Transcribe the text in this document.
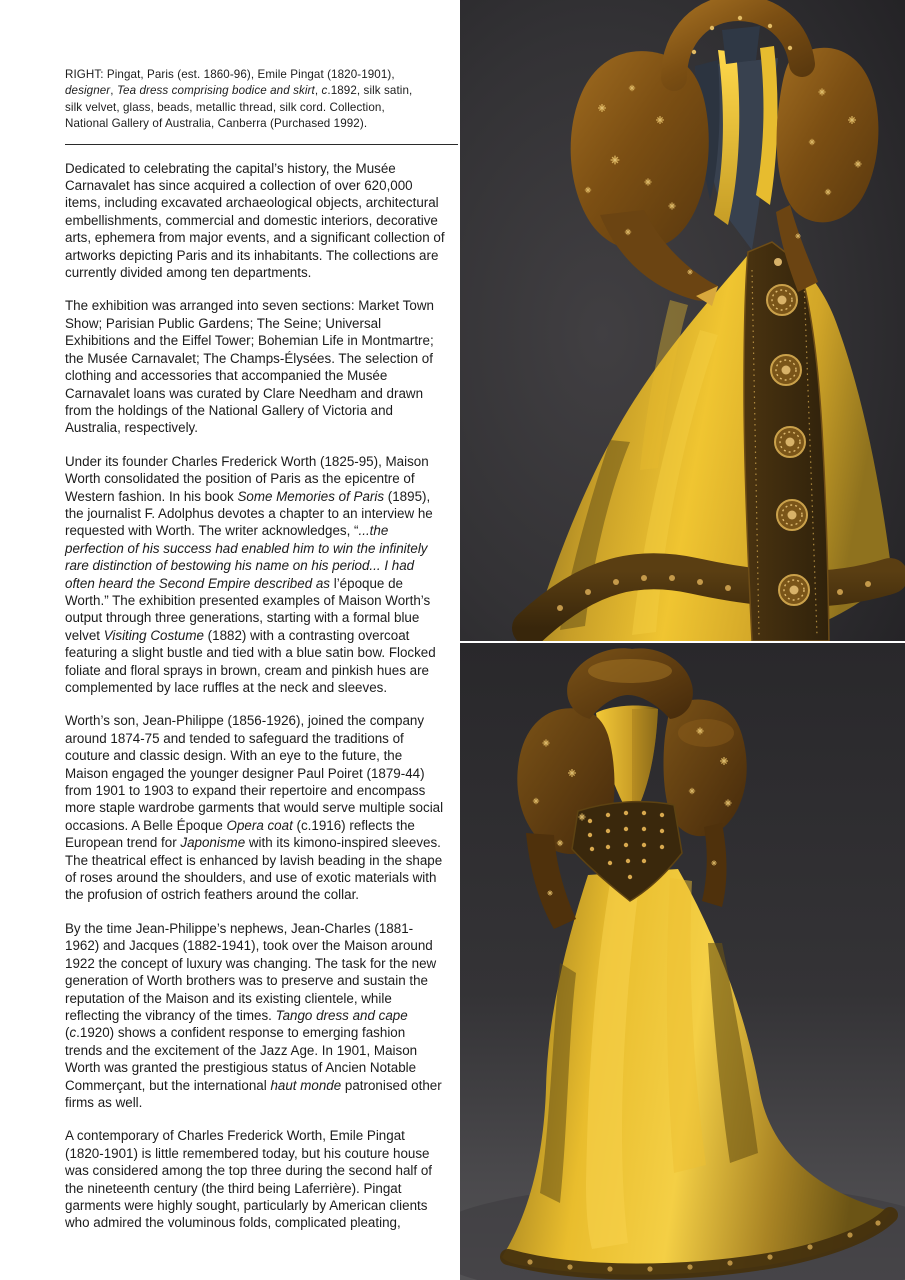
RIGHT: Pingat, Paris (est. 1860-96), Emile Pingat (1820-1901),
designer, Tea dress comprising bodice and skirt, c.1892, silk satin,
silk velvet, glass, beads, metallic thread, silk cord. Collection,
National Gallery of Australia, Canberra (Purchased 1992).

Dedicated to celebrating the capital’s history, the Musée Carnavalet has since acquired a collection of over 620,000 items, including excavated archaeological objects, architectural embellishments, commercial and domestic interiors, decorative arts, ephemera from major events, and a significant collection of artworks depicting Paris and its inhabitants. The collections are currently divided among ten departments.

The exhibition was arranged into seven sections: Market Town Show; Parisian Public Gardens; The Seine; Universal Exhibitions and the Eiffel Tower; Bohemian Life in Montmartre; the Musée Carnavalet; The Champs-Élysées. The selection of clothing and accessories that accompanied the Musée Carnavalet loans was curated by Clare Needham and drawn from the holdings of the National Gallery of Victoria and Australia, respectively.

Under its founder Charles Frederick Worth (1825-95), Maison Worth consolidated the position of Paris as the epicentre of Western fashion. In his book Some Memories of Paris (1895), the journalist F. Adolphus devotes a chapter to an interview he requested with Worth. The writer acknowledges, “...the perfection of his success had enabled him to win the infinitely rare distinction of bestowing his name on his period... I had often heard the Second Empire described as l’époque de Worth.” The exhibition presented examples of Maison Worth’s output through three generations, starting with a formal blue velvet Visiting Costume (1882) with a contrasting overcoat featuring a slight bustle and tied with a blue satin bow. Flocked foliate and floral sprays in brown, cream and pinkish hues are complemented by lace ruffles at the neck and sleeves.

Worth’s son, Jean-Philippe (1856-1926), joined the company around 1874-75 and tended to safeguard the traditions of couture and classic design. With an eye to the future, the Maison engaged the younger designer Paul Poiret (1879-44) from 1901 to 1903 to expand their repertoire and encompass more staple wardrobe garments that would serve multiple social occasions. A Belle Époque Opera coat (c.1916) reflects the European trend for Japonisme with its kimono-inspired sleeves. The theatrical effect is enhanced by lavish beading in the shape of roses around the shoulders, and use of exotic materials with the profusion of ostrich feathers around the collar.

By the time Jean-Philippe’s nephews, Jean-Charles (1881-1962) and Jacques (1882-1941), took over the Maison around 1922 the concept of luxury was changing. The task for the new generation of Worth brothers was to preserve and sustain the reputation of the Maison and its existing clientele, while reflecting the vibrancy of the times. Tango dress and cape (c.1920) shows a confident response to emerging fashion trends and the excitement of the Jazz Age. In 1901, Maison Worth was granted the prestigious status of Ancien Notable Commerçant, but the international haut monde patronised other firms as well.

A contemporary of Charles Frederick Worth, Emile Pingat (1820-1901) is little remembered today, but his couture house was considered among the top three during the second half of the nineteenth century (the third being Laferrière). Pingat garments were highly sought, particularly by American clients who admired the voluminous folds, complicated pleating,
